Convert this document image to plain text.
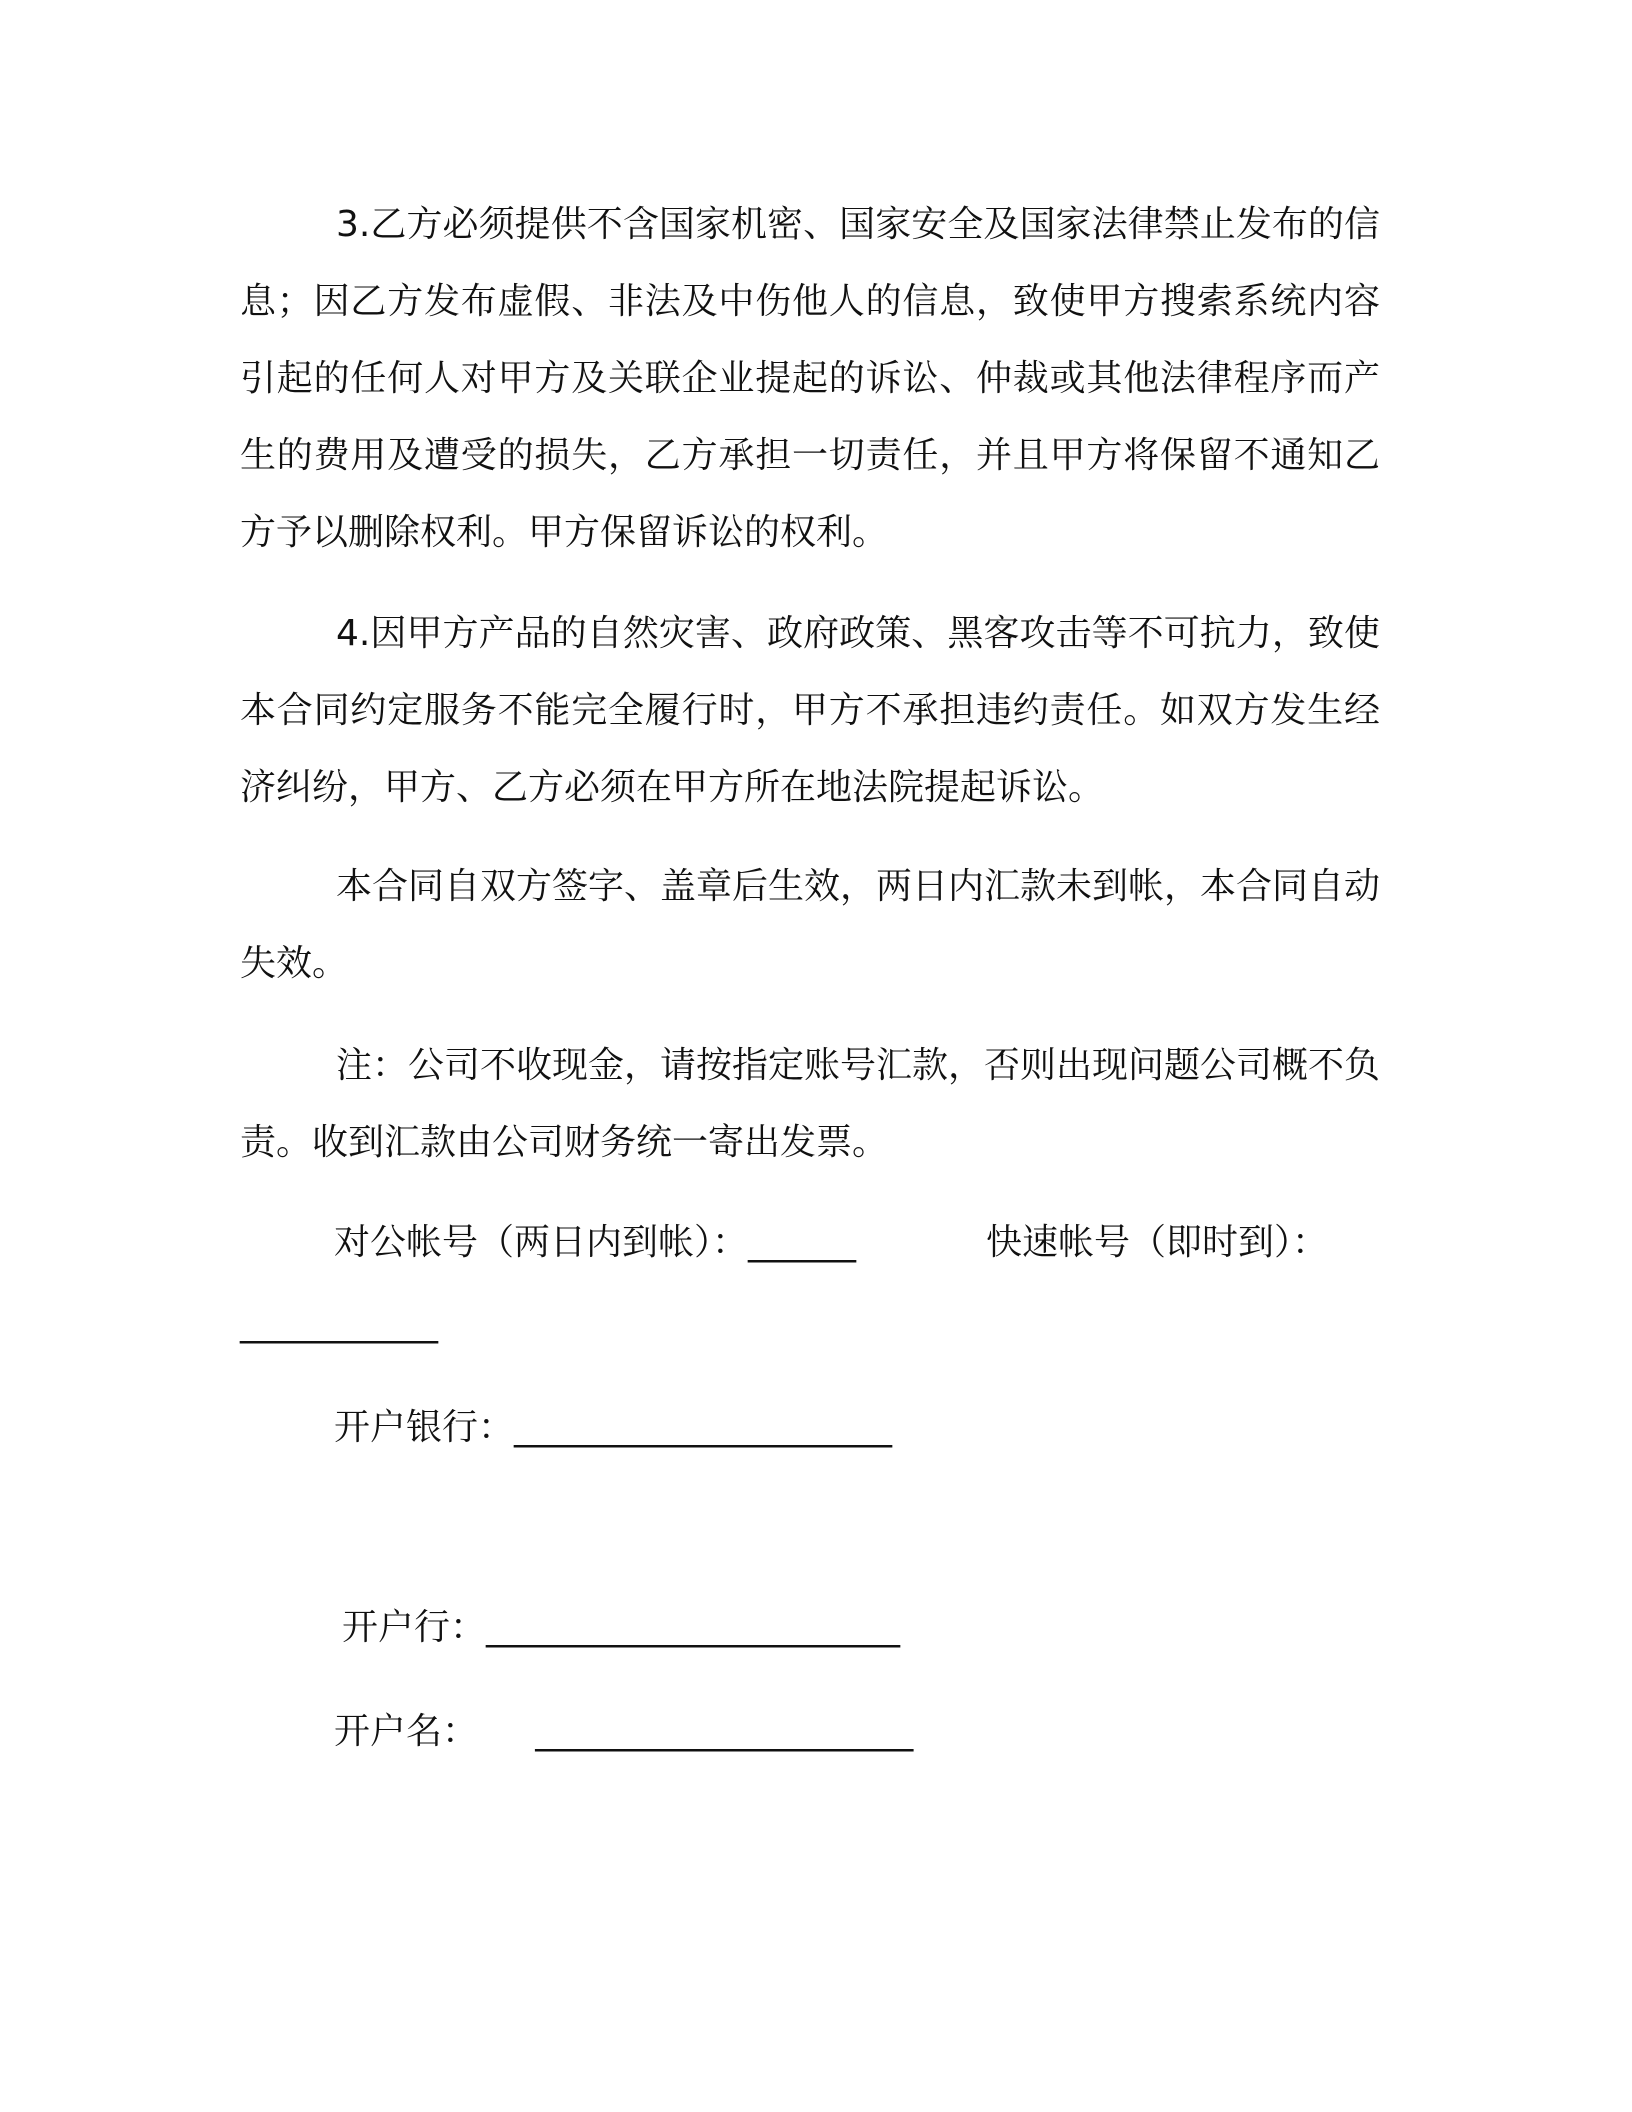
3.乙方必须提供不含国家机密、国家安全及国家法律禁止发布的信息；因乙方发布虚假、非法及中伤他人的信息，致使甲方搜索系统内容引起的任何人对甲方及关联企业提起的诉讼、仲裁或其他法律程序而产生的费用及遭受的损失，乙方承担一切责任，并且甲方将保留不通知乙方予以删除权利。甲方保留诉讼的权利。

4.因甲方产品的自然灾害、政府政策、黑客攻击等不可抗力，致使本合同约定服务不能完全履行时，甲方不承担违约责任。如双方发生经济纠纷，甲方、乙方必须在甲方所在地法院提起诉讼。

本合同自双方签字、盖章后生效，两日内汇款未到帐，本合同自动失效。

注：公司不收现金，请按指定账号汇款，否则出现问题公司概不负责。收到汇款由公司财务统一寄出发票。

对公帐号（两日内到帐）：______	快速帐号（即时到）：
___________
开户银行：_____________________
开户行：_______________________
开户名：     _____________________
